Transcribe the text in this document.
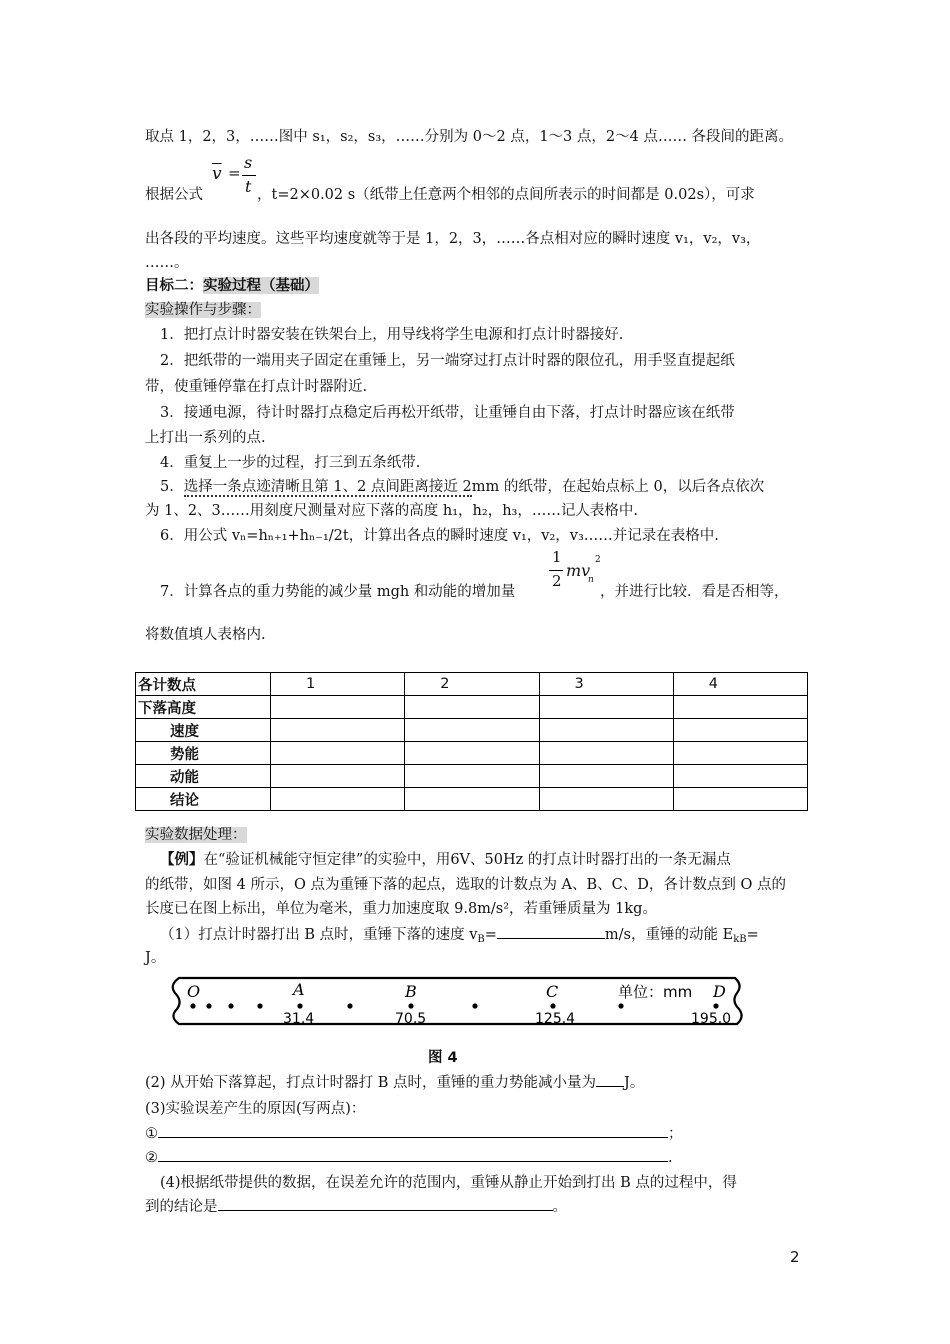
取点 1，2，3，……图中 s₁，s₂，s₃，……分别为 0～2 点，1～3 点，2～4 点…… 各段间的距离。
$\overline{v}$ =
s
t
根据公式	，t=2×0.02 s（纸带上任意两个相邻的点间所表示的时间都是 0.02s），可求
出各段的平均速度。这些平均速度就等于是 1，2，3，……各点相对应的瞬时速度 v₁，v₂，v₃，
……。
目标二：实验过程（基础）
实验操作与步骤：
1．把打点计时器安装在铁架台上，用导线将学生电源和打点计时器接好.
2．把纸带的一端用夹子固定在重锤上，另一端穿过打点计时器的限位孔，用手竖直提起纸
带，使重锤停靠在打点计时器附近.
3．接通电源，待计时器打点稳定后再松开纸带，让重锤自由下落，打点计时器应该在纸带
上打出一系列的点.
4．重复上一步的过程，打三到五条纸带.
5．选择一条点迹清晰且第 1、2 点间距离接近 2mm 的纸带，在起始点标上 0，以后各点依次
为 1、2、3……用刻度尺测量对应下落的高度 h₁，h₂，h₃，……记人表格中.
6．用公式 vₙ=hₙ₊₁+hₙ₋₁/2t，计算出各点的瞬时速度 v₁，v₂，v₃……并记录在表格中.
1
2
mv
n
2
7．计算各点的重力势能的减少量 mgh 和动能的增加量	，并进行比较．看是否相等，
将数值填人表格内.
各计数点	1	2	3	4
下落高度				
速度				
势能				
动能				
结论				
实验数据处理：
【例】在“验证机械能守恒定律”的实验中，用6V、50Hz 的打点计时器打出的一条无漏点
的纸带，如图 4 所示，O 点为重锤下落的起点，选取的计数点为 A、B、C、D，各计数点到 O 点的
长度已在图上标出，单位为毫米，重力加速度取 9.8m/s²，若重锤质量为 1kg。
（1）打点计时器打出 B 点时，重锤下落的速度 $v_B=$	m/s，重锤的动能 $E_{kB}=$
J。
O	A	B	C	D
单位：mm
31.4	70.5	125.4	195.0
图 4
(2) 从开始下落算起，打点计时器打 B 点时，重锤的重力势能减小量为 J。
(3)实验误差产生的原因(写两点)：
①	；
②	.
(4)根据纸带提供的数据，在误差允许的范围内，重锤从静止开始到打出 B 点的过程中，得
到的结论是	。
2
